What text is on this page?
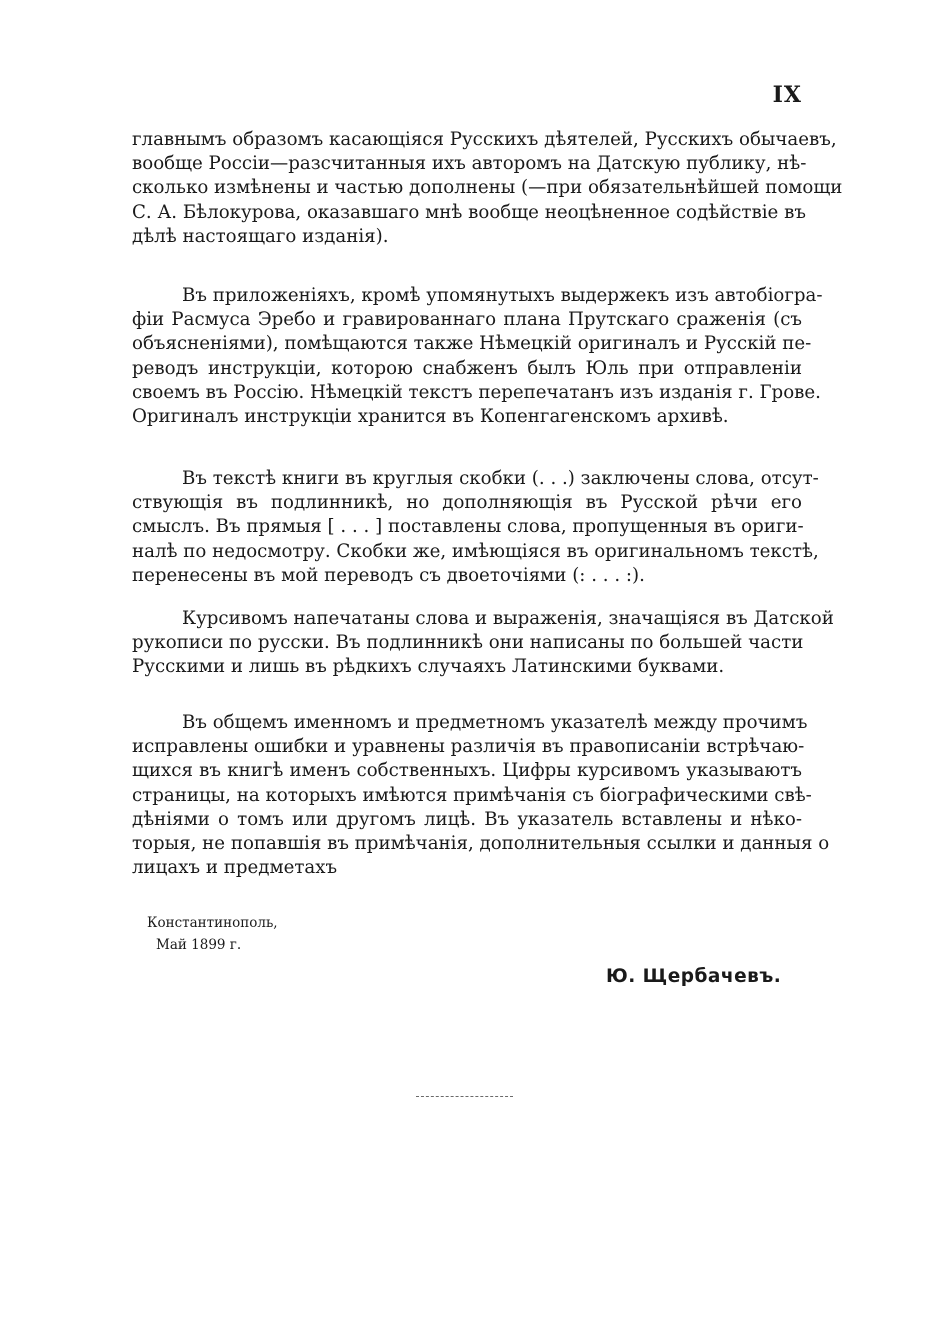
IX
главнымъ образомъ касающіяся Русскихъ дѣятелей, Русскихъ обычаевъ,
вообще Россіи—разсчитанныя ихъ авторомъ на Датскую публику, нѣ-
сколько измѣнены и частью дополнены (—при обязательнѣйшей помощи
С. А. Бѣлокурова, оказавшаго мнѣ вообще неоцѣненное содѣйствіе въ
дѣлѣ настоящаго изданія).
Въ приложеніяхъ, кромѣ упомянутыхъ выдержекъ изъ автобіогра-
фіи Расмуса Эребо и гравированнаго плана Прутскаго сраженія (съ
объясненіями), помѣщаются также Нѣмецкій оригиналъ и Русскій пе-
реводъ инструкціи, которою снабженъ былъ Юль при отправленіи
своемъ въ Россію. Нѣмецкій текстъ перепечатанъ изъ изданія г. Грове.
Оригиналъ инструкціи хранится въ Копенгагенскомъ архивѣ.
Въ текстѣ книги въ круглыя скобки (. . .) заключены слова, отсут-
ствующія въ подлинникѣ, но дополняющія въ Русской рѣчи его
смыслъ. Въ прямыя [ . . . ] поставлены слова, пропущенныя въ ориги-
налѣ по недосмотру. Скобки же, имѣющіяся въ оригинальномъ текстѣ,
перенесены въ мой переводъ съ двоеточіями (: . . . :).
Курсивомъ напечатаны слова и выраженія, значащіяся въ Датской
рукописи по русски. Въ подлинникѣ они написаны по большей части
Русскими и лишь въ рѣдкихъ случаяхъ Латинскими буквами.
Въ общемъ именномъ и предметномъ указателѣ между прочимъ
исправлены ошибки и уравнены различія въ правописаніи встрѣчаю-
щихся въ книгѣ именъ собственныхъ. Цифры курсивомъ указываютъ
страницы, на которыхъ имѣются примѣчанія съ біографическими свѣ-
дѣніями о томъ или другомъ лицѣ. Въ указатель вставлены и нѣко-
торыя, не попавшія въ примѣчанія, дополнительныя ссылки и данныя о
лицахъ и предметахъ
Константинополь,
Май 1899 г.
Ю. Щербачевъ.
